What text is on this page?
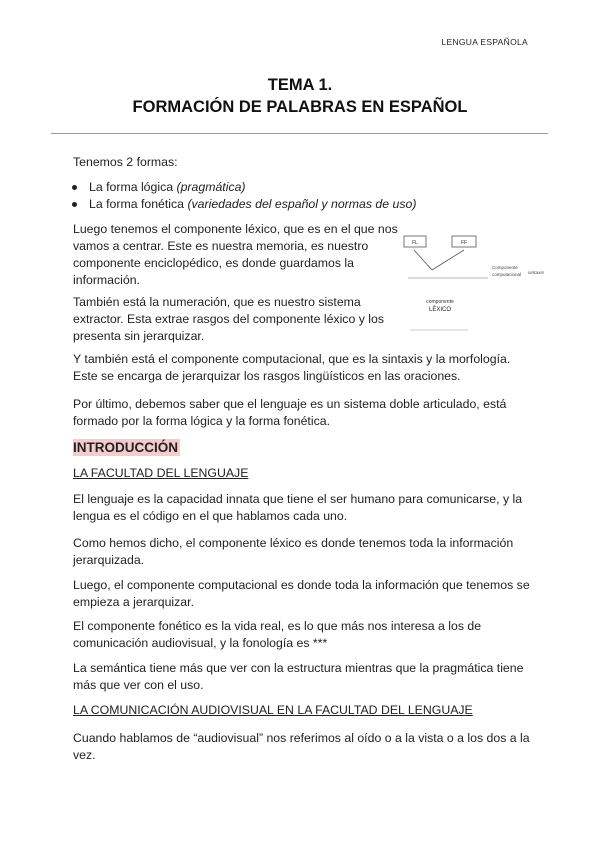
LENGUA ESPAÑOLA
TEMA 1.
FORMACIÓN DE PALABRAS EN ESPAÑOL
Tenemos 2 formas:
La forma lógica (pragmática)
La forma fonética (variedades del español y normas de uso)
Luego tenemos el componente léxico, que es en el que nos
vamos a centrar. Este es nuestra memoria, es nuestro
componente enciclopédico, es donde guardamos la
información.
También está la numeración, que es nuestro sistema
extractor. Esta extrae rasgos del componente léxico y los
presenta sin jerarquizar.
FL	FF
Componente
computacional sintaxis
componente
LÉXICO
Y también está el componente computacional, que es la sintaxis y la morfología.
Este se encarga de jerarquizar los rasgos lingüísticos en las oraciones.
Por último, debemos saber que el lenguaje es un sistema doble articulado, está
formado por la forma lógica y la forma fonética.
INTRODUCCIÓN
LA FACULTAD DEL LENGUAJE
El lenguaje es la capacidad innata que tiene el ser humano para comunicarse, y la
lengua es el código en el que hablamos cada uno.
Como hemos dicho, el componente léxico es donde tenemos toda la información
jerarquizada.
Luego, el componente computacional es donde toda la información que tenemos se
empieza a jerarquizar.
El componente fonético es la vida real, es lo que más nos interesa a los de
comunicación audiovisual, y la fonología es ***
La semántica tiene más que ver con la estructura mientras que la pragmática tiene
más que ver con el uso.
LA COMUNICACIÓN AUDIOVISUAL EN LA FACULTAD DEL LENGUAJE
Cuando hablamos de “audiovisual” nos referimos al oído o a la vista o a los dos a la
vez.
